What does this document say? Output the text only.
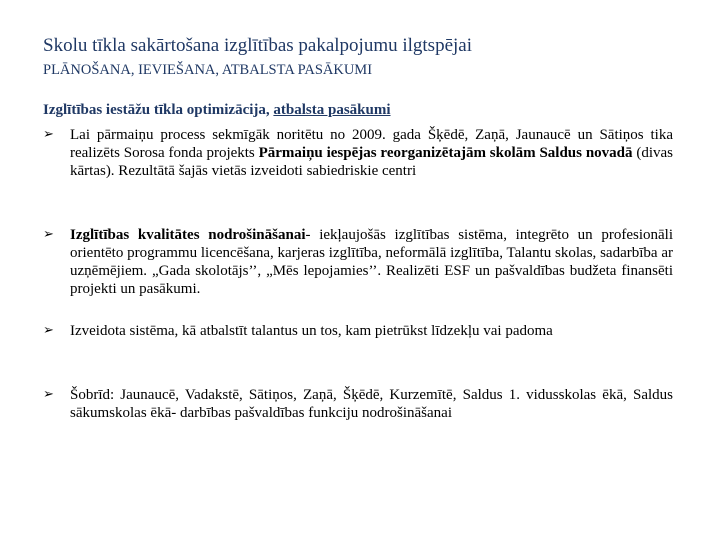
Skolu tīkla sakārtošana izglītības pakalpojumu ilgtspējai
PLĀNOŠANA, IEVIEŠANA, ATBALSTA PASĀKUMI
Izglītības iestāžu tīkla optimizācija, atbalsta pasākumi
➢	Lai pārmaiņu process sekmīgāk noritētu no 2009. gada Šķēdē, Zaņā, Jaunaucē un Sātiņos tika realizēts Sorosa fonda projekts Pārmaiņu iespējas reorganizētajām skolām Saldus novadā (divas kārtas). Rezultātā šajās vietās izveidoti sabiedriskie centri
➢	Izglītības kvalitātes nodrošināšanai- iekļaujošās izglītības sistēma, integrēto un profesionāli orientēto programmu licencēšana, karjeras izglītība, neformālā izglītība, Talantu skolas, sadarbība ar uzņēmējiem. „Gada skolotājs’’, „Mēs lepojamies’’. Realizēti ESF un pašvaldības budžeta finansēti projekti un pasākumi.
➢	Izveidota sistēma, kā atbalstīt talantus un tos, kam pietrūkst līdzekļu vai padoma
➢	Šobrīd: Jaunaucē, Vadakstē, Sātiņos, Zaņā, Šķēdē, Kurzemītē, Saldus 1. vidusskolas ēkā, Saldus sākumskolas ēkā- darbības pašvaldības funkciju nodrošināšanai
